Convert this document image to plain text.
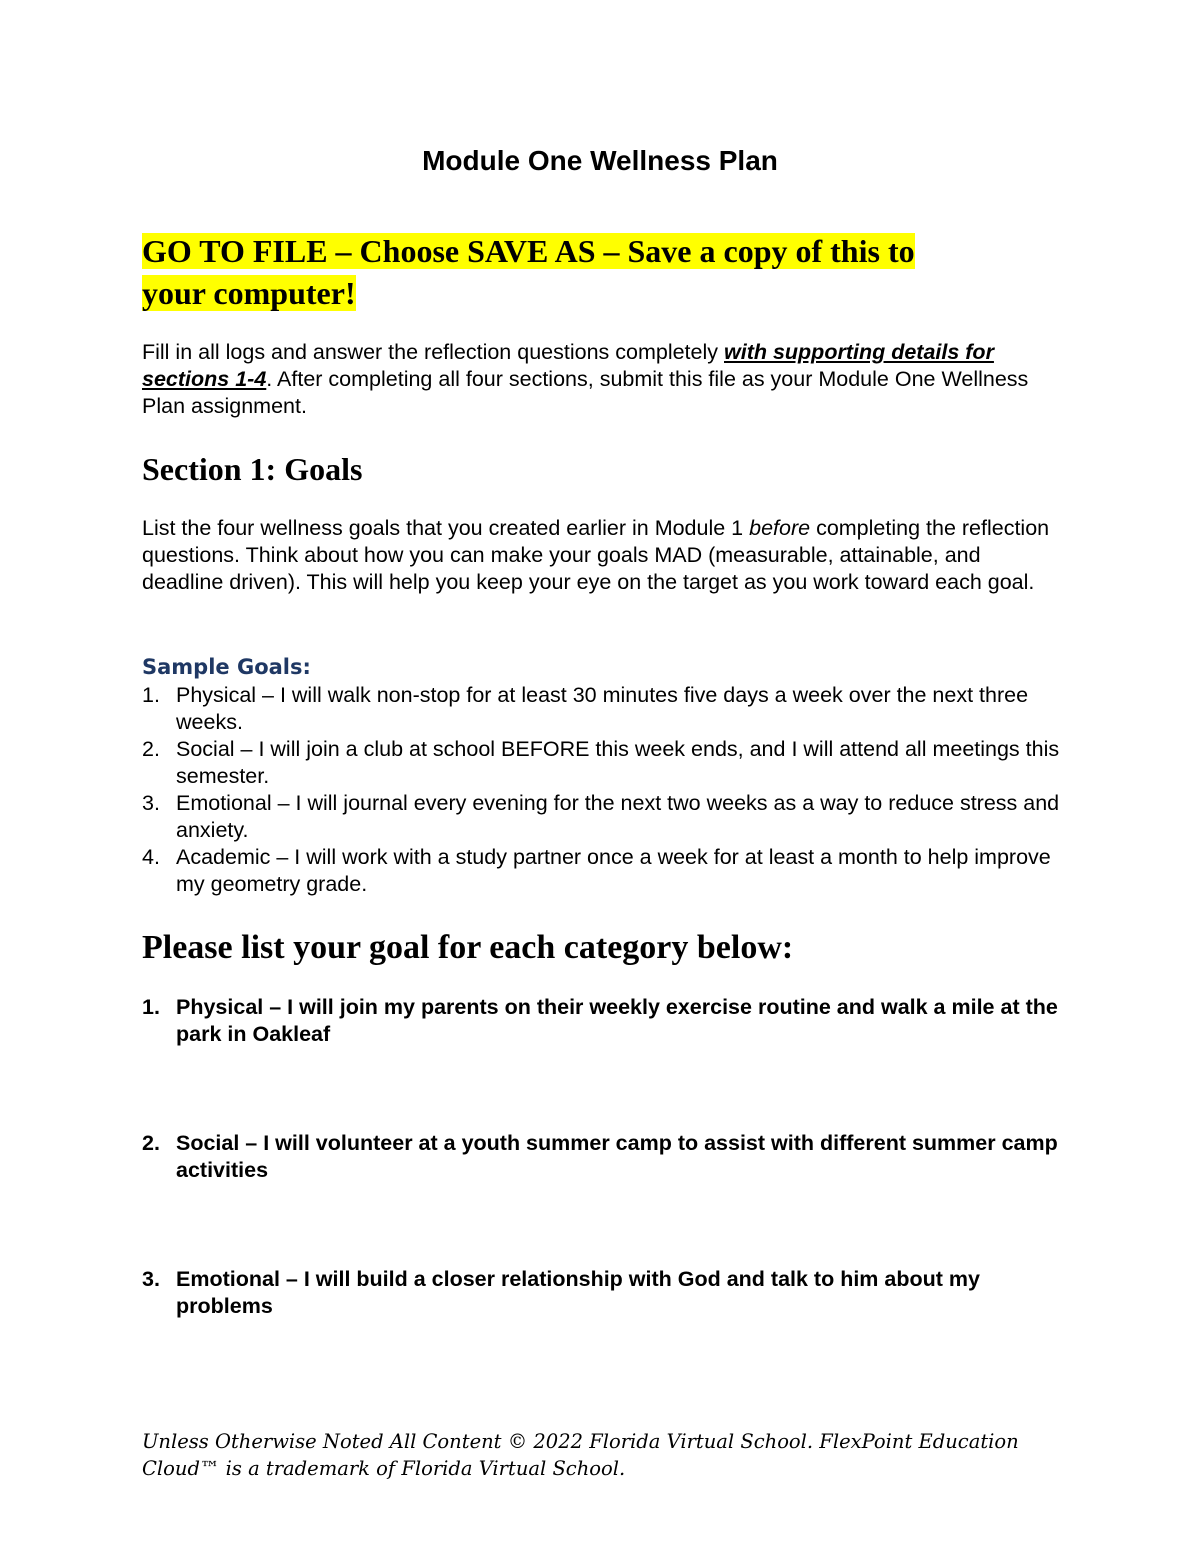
Module One Wellness Plan

GO TO FILE – Choose SAVE AS – Save a copy of this to
your computer!

Fill in all logs and answer the reflection questions completely with supporting details for sections 1-4. After completing all four sections, submit this file as your Module One Wellness Plan assignment.

Section 1: Goals

List the four wellness goals that you created earlier in Module 1 before completing the reflection questions. Think about how you can make your goals MAD (measurable, attainable, and deadline driven). This will help you keep your eye on the target as you work toward each goal.

Sample Goals:
1. Physical – I will walk non-stop for at least 30 minutes five days a week over the next three weeks.
2. Social – I will join a club at school BEFORE this week ends, and I will attend all meetings this semester.
3. Emotional – I will journal every evening for the next two weeks as a way to reduce stress and anxiety.
4. Academic – I will work with a study partner once a week for at least a month to help improve my geometry grade.
Please list your goal for each category below:
1. Physical – I will join my parents on their weekly exercise routine and walk a mile at the park in Oakleaf
2. Social – I will volunteer at a youth summer camp to assist with different summer camp activities
3. Emotional – I will build a closer relationship with God and talk to him about my problems

Unless Otherwise Noted All Content © 2022 Florida Virtual School. FlexPoint Education Cloud™ is a trademark of Florida Virtual School.
